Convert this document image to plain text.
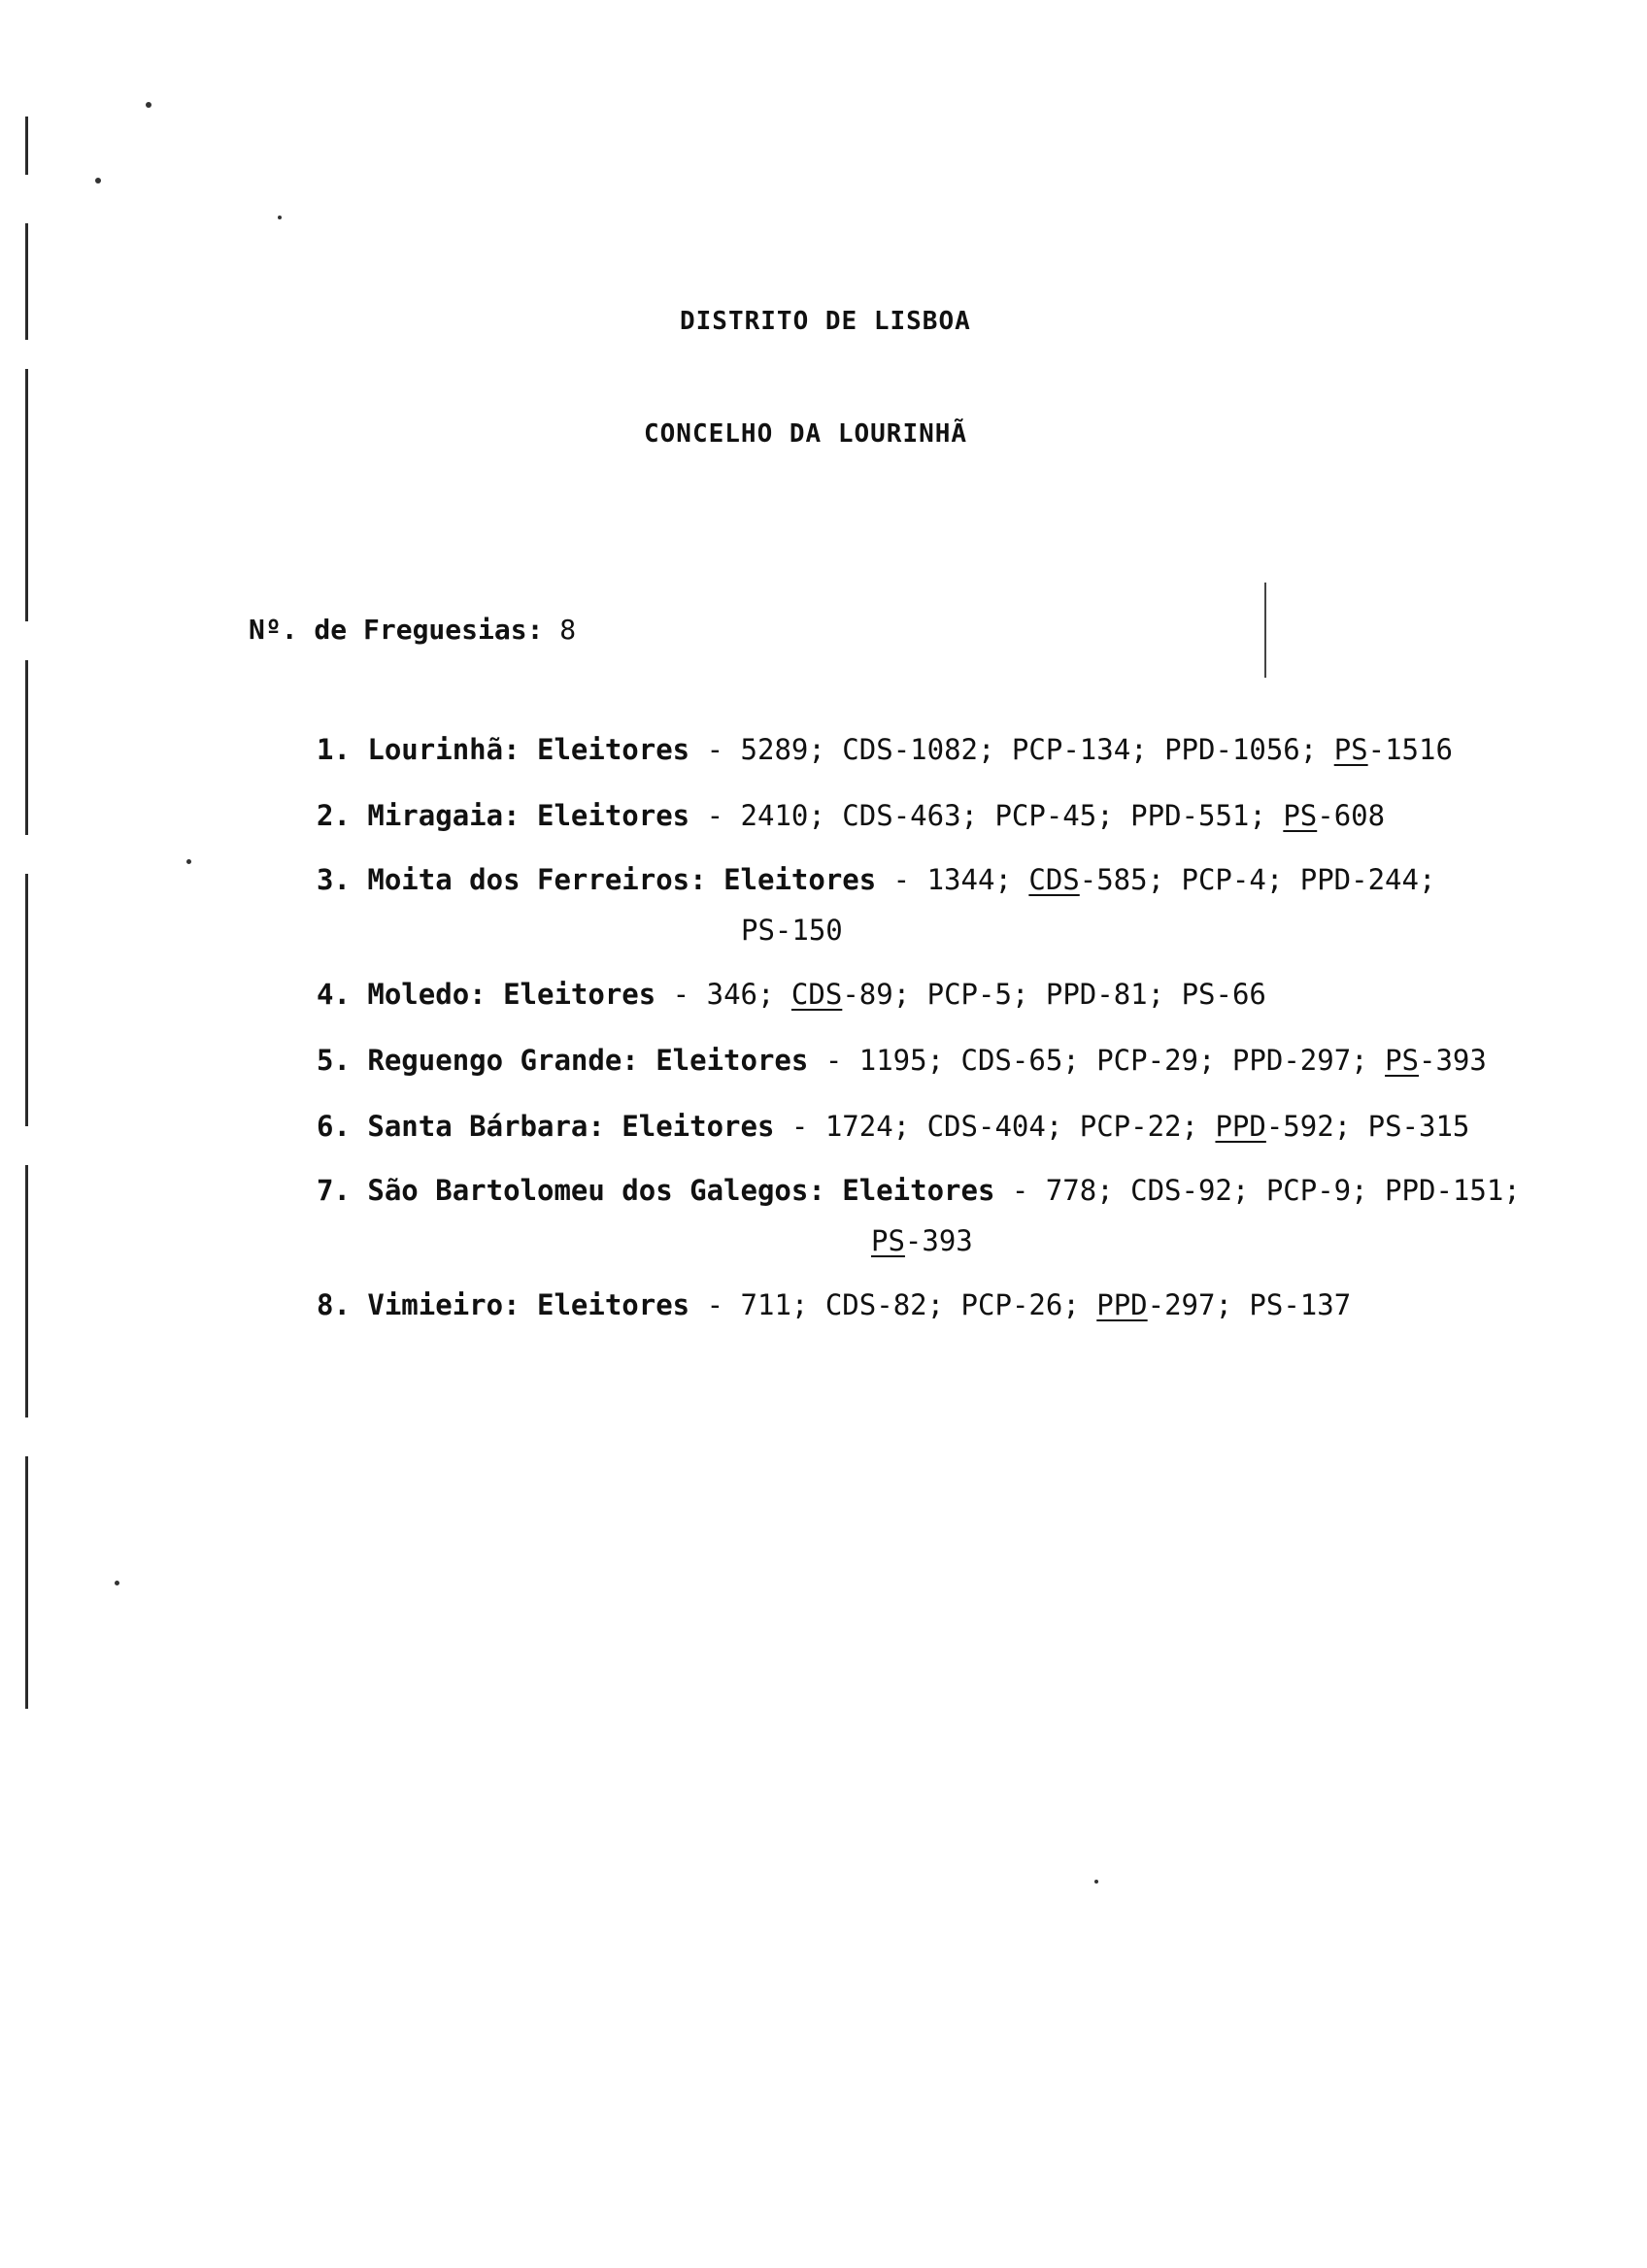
DISTRITO DE LISBOA
CONCELHO DA LOURINHÃ
Nº. de Freguesias: 8
1. Lourinhã: Eleitores - 5289; CDS-1082; PCP-134; PPD-1056; PS-1516
2. Miragaia: Eleitores - 2410; CDS-463; PCP-45; PPD-551; PS-608
3. Moita dos Ferreiros: Eleitores - 1344; CDS-585; PCP-4; PPD-244;
PS-150
4. Moledo: Eleitores - 346; CDS-89; PCP-5; PPD-81; PS-66
5. Reguengo Grande: Eleitores - 1195; CDS-65; PCP-29; PPD-297; PS-393
6. Santa Bárbara: Eleitores - 1724; CDS-404; PCP-22; PPD-592; PS-315
7. São Bartolomeu dos Galegos: Eleitores - 778; CDS-92; PCP-9; PPD-151;
PS-393
8. Vimieiro: Eleitores - 711; CDS-82; PCP-26; PPD-297; PS-137
